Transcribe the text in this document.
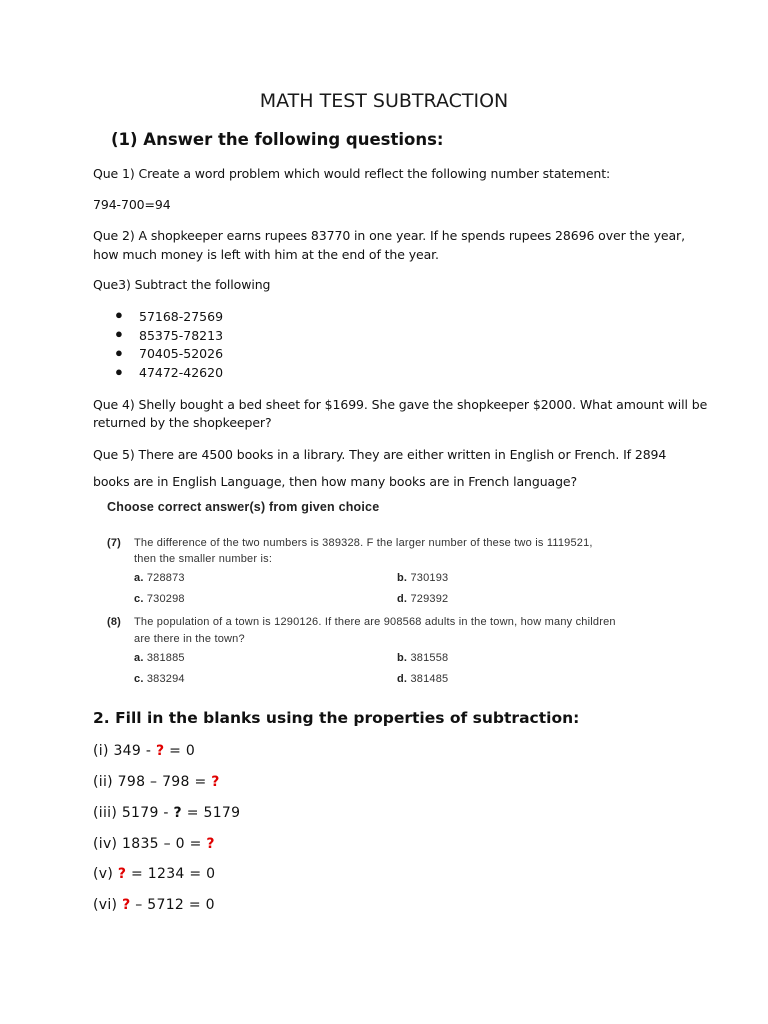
MATH TEST SUBTRACTION
(1) Answer the following questions:
Que 1) Create a word problem which would reflect the following number statement:
794-700=94
Que 2) A shopkeeper earns rupees 83770 in one year. If he spends rupees 28696 over the year,
how much money is left with him at the end of the year.
Que3) Subtract the following
● 57168-27569
● 85375-78213
● 70405-52026
● 47472-42620
Que 4) Shelly bought a bed sheet for $1699. She gave the shopkeeper $2000. What amount will be
returned by the shopkeeper?
Que 5) There are 4500 books in a library. They are either written in English or French. If 2894
books are in English Language, then how many books are in French language?
Choose correct answer(s) from given choice
(7) The difference of the two numbers is 389328. F the larger number of these two is 1119521,
then the smaller number is:
a. 728873	b. 730193
c. 730298	d. 729392
(8) The population of a town is 1290126. If there are 908568 adults in the town, how many children
are there in the town?
a. 381885	b. 381558
c. 383294	d. 381485
2. Fill in the blanks using the properties of subtraction:
(i) 349 - ? = 0
(ii) 798 – 798 = ?
(iii) 5179 - ? = 5179
(iv) 1835 – 0 = ?
(v) ? = 1234 = 0
(vi) ? – 5712 = 0
